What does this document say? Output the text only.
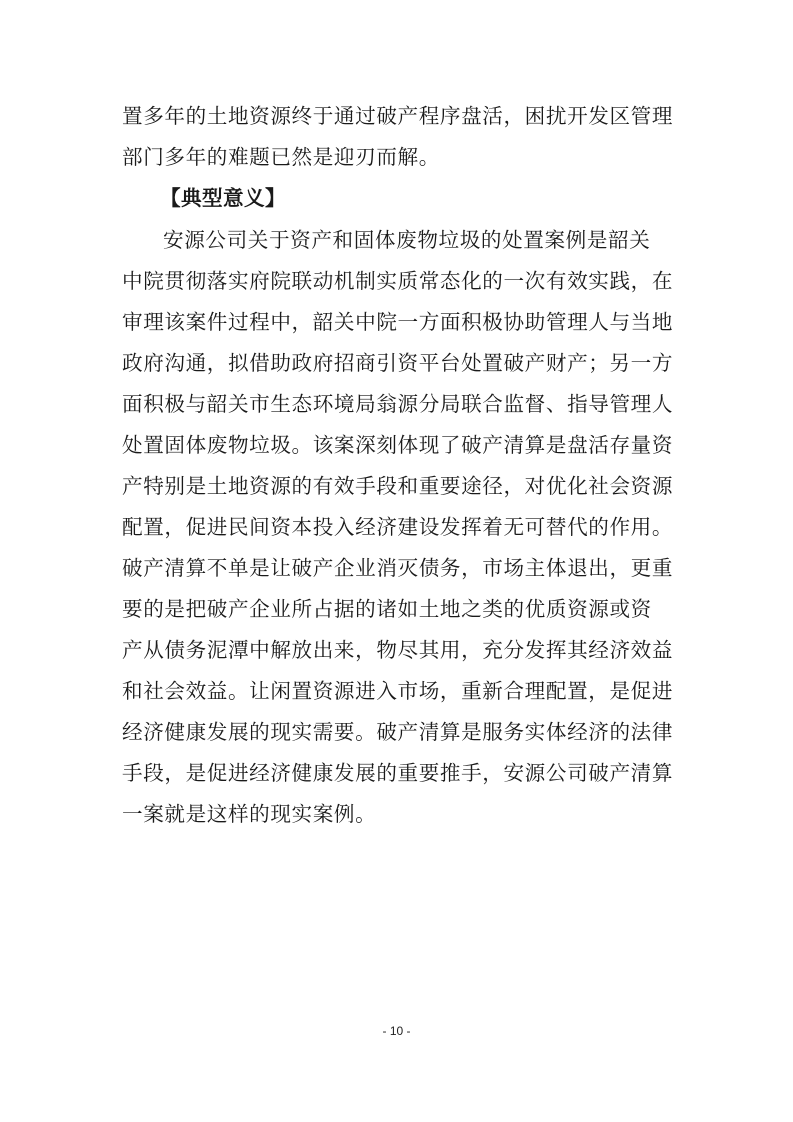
置多年的土地资源终于通过破产程序盘活，困扰开发区管理
部门多年的难题已然是迎刃而解。
【典型意义】
安源公司关于资产和固体废物垃圾的处置案例是韶关
中院贯彻落实府院联动机制实质常态化的一次有效实践，在
审理该案件过程中，韶关中院一方面积极协助管理人与当地
政府沟通，拟借助政府招商引资平台处置破产财产；另一方
面积极与韶关市生态环境局翁源分局联合监督、指导管理人
处置固体废物垃圾。该案深刻体现了破产清算是盘活存量资
产特别是土地资源的有效手段和重要途径，对优化社会资源
配置，促进民间资本投入经济建设发挥着无可替代的作用。
破产清算不单是让破产企业消灭债务，市场主体退出，更重
要的是把破产企业所占据的诸如土地之类的优质资源或资
产从债务泥潭中解放出来，物尽其用，充分发挥其经济效益
和社会效益。让闲置资源进入市场，重新合理配置，是促进
经济健康发展的现实需要。破产清算是服务实体经济的法律
手段，是促进经济健康发展的重要推手，安源公司破产清算
一案就是这样的现实案例。
- 10 -
